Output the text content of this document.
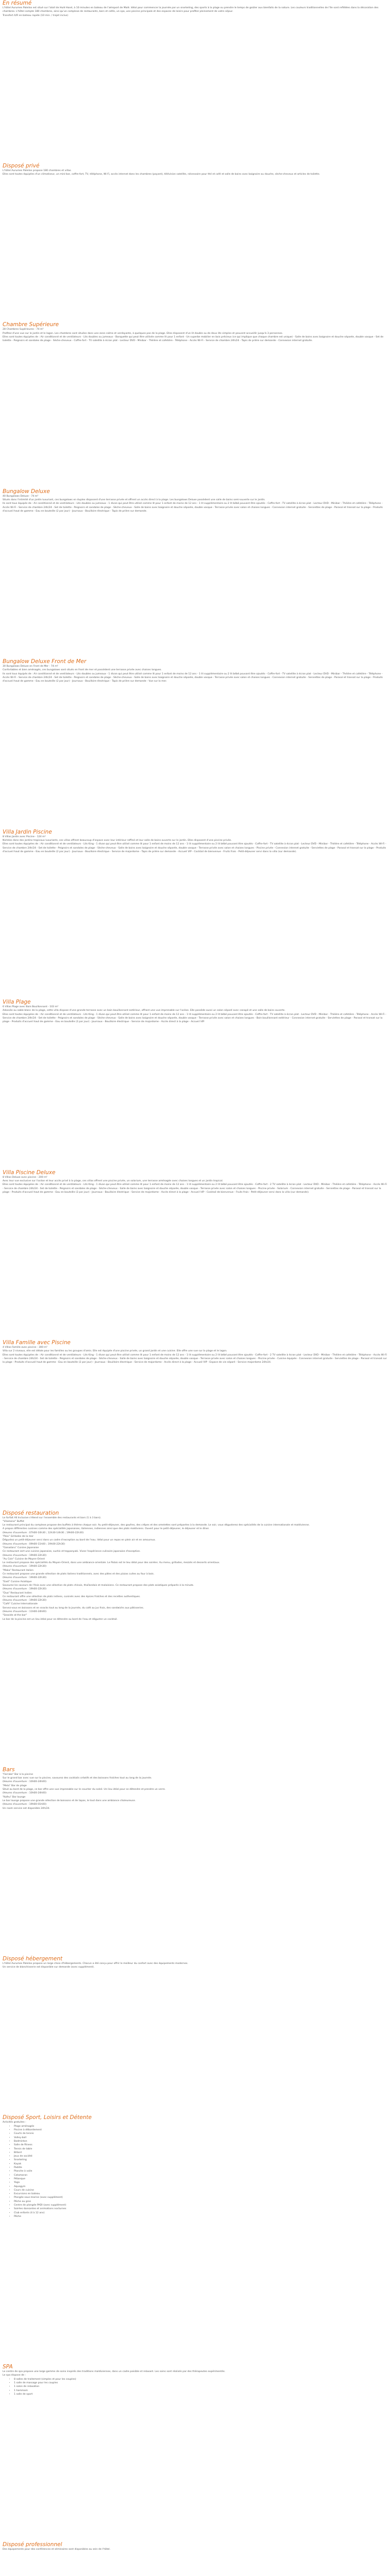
En résumé

L'hôtel Aurumes Paleilos est situé sur l'atoll de Hulé Hané, à 10 minutes en bateau de l'aéroport de Malé. Idéal pour commencer la journée par un snorkeling, des sports à la plage ou prendre le temps de goûter aux bienfaits de la nature. Les couleurs traditionnelles de l'île sont reflétées dans la décoration des chambres. L'hôtel compte 180 chambres, ainsi qu'un complexe de restaurants, bars et cafés, un spa, une piscine principale et des espaces de loisirs pour profiter pleinement de votre séjour.

Transfert A/R en bateau rapide (10 min. / trajet inclus)

Disposé privé

L'hôtel Aurumes Paleilos propose 180 chambres et villas.

Elles sont toutes équipées d'un climatiseur, un mini-bar, coffre-fort, TV, téléphone, Wi-Fi, accès internet dans les chambres (payant), télévision satellite, nécessaire pour thé et café et salle de bains avec baignoire ou douche, sèche-cheveux et articles de toilette.

Chambre Supérieure

28 Chambres Supérieures - 74 m²

Profitez d'une vue sur le jardin et le lagon. Les chambres sont situées dans une zone calme et verdoyante, à quelques pas de la plage. Elles disposent d'un lit double ou de deux lits simples et peuvent accueillir jusqu'à 3 personnes.

Elles sont toutes équipées de : Air conditionné et de ventilateurs - Lits doubles ou jumeaux - Banquette qui peut être utilisée comme lit pour 1 enfant - Un superbe mobilier en bois précieux (ce qui implique que chaque chambre est unique) - Salle de bains avec baignoire et douche séparée, double vasque - Set de toilette - Peignoirs et sandales de plage - Sèche-cheveux - Coffre-fort - TV satellite à écran plat - Lecteur DVD - Minibar - Théière et cafetière - Téléphone - Accès Wi-Fi - Service de chambre 24h/24 - Tapis de prière sur demande - Connexion internet gratuite.

Bungalow Deluxe

40 Bungalows Deluxe - 74 m²

Situés dans l'intimité d'un jardin luxuriant, ces bungalows en duplex disposent d'une terrasse privée et offrent un accès direct à la plage. Les bungalows Deluxe possèdent une salle de bains semi-ouverte sur le jardin.

Ils sont tous équipés de : Air conditionné et de ventilateurs - Lits doubles ou jumeaux - 1 divan qui peut être utilisé comme lit pour 1 enfant de moins de 12 ans - 1 lit supplémentaire ou 2 lit bébé pouvant être ajoutés - Coffre-fort - TV satellite à écran plat - Lecteur DVD - Minibar - Théière et cafetière - Téléphone - Accès Wi-Fi - Service de chambre 24h/24 - Set de toilette - Peignoirs et sandales de plage - Sèche-cheveux - Salle de bains avec baignoire et douche séparée, double vasque - Terrasse privée avec salon et chaises longues - Connexion internet gratuite - Serviettes de plage - Parasol et transat sur la plage - Produits d'accueil haut de gamme - Eau en bouteille (2 par jour) - Journaux - Bouilloire électrique - Tapis de prière sur demande.

Bungalow Deluxe Front de Mer

30 Bungalows Deluxe en Front de Mer - 74 m²

Confortables et bien aménagés, ces bungalows sont situés en front de mer et possèdent une terrasse privée avec chaises longues.

Ils sont tous équipés de : Air conditionné et de ventilateurs - Lits doubles ou jumeaux - 1 divan qui peut être utilisé comme lit pour 1 enfant de moins de 12 ans - 1 lit supplémentaire ou 2 lit bébé pouvant être ajoutés - Coffre-fort - TV satellite à écran plat - Lecteur DVD - Minibar - Théière et cafetière - Téléphone - Accès Wi-Fi - Service de chambre 24h/24 - Set de toilette - Peignoirs et sandales de plage - Sèche-cheveux - Salle de bains avec baignoire et douche séparée, double vasque - Terrasse privée avec salon et chaises longues - Connexion internet gratuite - Serviettes de plage - Parasol et transat sur la plage - Produits d'accueil haut de gamme - Eau en bouteille (2 par jour) - Journaux - Bouilloire électrique - Tapis de prière sur demande - Vue sur la mer.

Villa Jardin Piscine

8 Villas Jardin avec Piscine - 124 m²

Nichées dans des jardins tropicaux luxuriants, ces villas offrent beaucoup d'espace avec leur intérieur raffiné et leur salle de bains ouverte sur le jardin. Elles disposent d'une piscine privée.

Elles sont toutes équipées de : Air conditionné et de ventilateurs - Lits King - 1 divan qui peut être utilisé comme lit pour 1 enfant de moins de 12 ans - 1 lit supplémentaire ou 2 lit bébé pouvant être ajoutés - Coffre-fort - TV satellite à écran plat - Lecteur DVD - Minibar - Théière et cafetière - Téléphone - Accès Wi-Fi - Service de chambre 24h/24 - Set de toilette - Peignoirs et sandales de plage - Sèche-cheveux - Salle de bains avec baignoire et douche séparée, double vasque - Terrasse privée avec salon et chaises longues - Piscine privée - Connexion internet gratuite - Serviettes de plage - Parasol et transat sur la plage - Produits d'accueil haut de gamme - Eau en bouteille (2 par jour) - Journaux - Bouilloire électrique - Service de majordome - Tapis de prière sur demande - Accueil VIP - Cocktail de bienvenue - Fruits frais - Petit-déjeuner servi dans la villa (sur demande).

Villa Plage

6 Villas Plage avec Bain Bouillonnant - 103 m²

Adossée au sable blanc de la plage, cette villa dispose d'une grande terrasse avec un bain bouillonnant extérieur, offrant une vue imprenable sur l'océan. Elle possède aussi un salon séparé avec canapé et une salle de bains ouverte.

Elles sont toutes équipées de : Air conditionné et de ventilateurs - Lits King - 1 divan qui peut être utilisé comme lit pour 1 enfant de moins de 12 ans - 1 lit supplémentaire ou 2 lit bébé pouvant être ajoutés - Coffre-fort - TV satellite à écran plat - Lecteur DVD - Minibar - Théière et cafetière - Téléphone - Accès Wi-Fi - Service de chambre 24h/24 - Set de toilette - Peignoirs et sandales de plage - Sèche-cheveux - Salle de bains avec baignoire et douche séparée, double vasque - Terrasse privée avec salon et chaises longues - Bain bouillonnant extérieur - Connexion internet gratuite - Serviettes de plage - Parasol et transat sur la plage - Produits d'accueil haut de gamme - Eau en bouteille (2 par jour) - Journaux - Bouilloire électrique - Service de majordome - Accès direct à la plage - Accueil VIP.

Villa Piscine Deluxe

8 Villas Deluxe avec piscine - 200 m²

Avec leur vue exclusive sur l'océan et leur accès privé à la plage, ces villas offrent une piscine privée, un solarium, une terrasse aménagée avec chaises longues et un jardin tropical.

Elles sont toutes équipées de : Air conditionné et de ventilateurs - Lits King - 1 divan qui peut être utilisé comme lit pour 1 enfant de moins de 12 ans - 1 lit supplémentaire ou 2 lit bébé pouvant être ajoutés - Coffre-fort - 2 TV satellite à écran plat - Lecteur DVD - Minibar - Théière et cafetière - Téléphone - Accès Wi-Fi - Service de chambre 24h/24 - Set de toilette - Peignoirs et sandales de plage - Sèche-cheveux - Salle de bains avec baignoire et douche séparée, double vasque - Terrasse privée avec salon et chaises longues - Piscine privée - Solarium - Connexion internet gratuite - Serviettes de plage - Parasol et transat sur la plage - Produits d'accueil haut de gamme - Eau en bouteille (2 par jour) - Journaux - Bouilloire électrique - Service de majordome - Accès direct à la plage - Accueil VIP - Cocktail de bienvenue - Fruits frais - Petit-déjeuner servi dans la villa (sur demande).

Villa Famille avec Piscine

4 Villas Famille avec piscine - 300 m²

Villa sur 2 niveaux, elle est idéale pour les familles ou les groupes d'amis. Elle est équipée d'une piscine privée, un grand jardin et une cuisine. Elle offre une vue sur la plage et le lagon.

Elles sont toutes équipées de : Air conditionné et de ventilateurs - Lits King - 1 divan qui peut être utilisé comme lit pour 1 enfant de moins de 12 ans - 1 lit supplémentaire ou 2 lit bébé pouvant être ajoutés - Coffre-fort - 2 TV satellite à écran plat - Lecteur DVD - Minibar - Théière et cafetière - Téléphone - Accès Wi-Fi - Service de chambre 24h/24 - Set de toilette - Peignoirs et sandales de plage - Sèche-cheveux - Salle de bains avec baignoire et douche séparée, double vasque - Terrasse privée avec salon et chaises longues - Piscine privée - Cuisine équipée - Connexion internet gratuite - Serviettes de plage - Parasol et transat sur la plage - Produits d'accueil haut de gamme - Eau en bouteille (2 par jour) - Journaux - Bouilloire électrique - Service de majordome - Accès direct à la plage - Accueil VIP - Espace de vie séparé - Service majordome 24h/24.

Disposé restauration

Le forfait All Inclusive s'étend sur l'ensemble des restaurants et bars (1 à 3 bars).

"Vilamene" Buffet

Le restaurant principal du complexe propose des buffets à thème chaque soir. Au petit-déjeuner, des gaufres, des crêpes et des omelettes sont préparées à la demande. Le soir, vous dégusterez des spécialités de la cuisine internationale et maldivienne.

A propos différentes cuisines comme des spécialités japonaises, italiennes, indiennes ainsi que des plats maldiviens. Ouvert pour le petit-déjeuner, le déjeuner et le dîner.

(Heures d'ouverture : 07h00-10h30 ; 12h30-14h30 ; 19h00-22h30)

"Palu" Grillades de la mer

Dégustez un petit-déjeuner servi dans un cadre d'exception au bord de l'eau. Idéal pour un repas en plein air et en amoureux.

(Heures d'ouverture : 09h00-11h00 ; 19h00-22h30)

"Ganadaru" Cuisine Japonaise

Ce restaurant sert une cuisine japonaise, sushis et teppanyaki. Vivez l'expérience culinaire japonaise d'exception.

(Heures d'ouverture : 19h00-22h30)

"Au Coin" Cuisine de Moyen-Orient

Le restaurant propose des spécialités du Moyen-Orient, dans une ambiance orientale. Le Palais est le lieu idéal pour des soirées. Au menu, grillades, mezzés et desserts orientaux.

(Heures d'ouverture : 19h00-22h30)

"Maka" Restaurant italien

Ce restaurant propose une grande sélection de plats italiens traditionnels, avec des pâtes et des pizzas cuites au four à bois.

(Heures d'ouverture : 19h00-22h30)

"East" Cuisine Asiatique

Savourez les saveurs de l'Asie avec une sélection de plats chinois, thaïlandais et malaisiens. Ce restaurant propose des plats asiatiques préparés à la minute.

(Heures d'ouverture : 19h00-22h30)

"Dua" Restaurant Indien

Ce restaurant offre une sélection de plats indiens, cuisinés avec des épices fraîches et des recettes authentiques.

(Heures d'ouverture : 19h00-22h30)

"Café" Cuisine Internationale

Servez-vous en boissons et en snacks tout au long de la journée, du café au jus frais, des sandwichs aux pâtisseries.

(Heures d'ouverture : 11h00-24h00)

"Seaside at the bar"

Le bar de la piscine est un lieu idéal pour se détendre au bord de l'eau et déguster un cocktail.

Bars

"Farrake" Bar à la piscine

Sur le grand bar avec vue sur la piscine, savourez des cocktails créatifs et des boissons fraîches tout au long de la journée.

(Heures d'ouverture : 10h00-24h00)

"Mela" Bar de plage

Situé au bord de la plage, ce bar offre une vue imprenable sur le coucher du soleil. Un lieu idéal pour se détendre et prendre un verre.

(Heures d'ouverture : 10h00-24h00)

"Kolhu" Bar lounge

Le bar lounge propose une grande sélection de boissons et de tapas, le tout dans une ambiance chaleureuse.

(Heures d'ouverture : 19h00-01h00)

Un room service est disponible 24h/24.

Disposé hébergement

L'hôtel Aurumes Paleilos propose un large choix d'hébergements. Chacun a été conçu pour offrir le meilleur du confort avec des équipements modernes.

Un service de blanchisserie est disponible sur demande (avec supplément).

Disposé Sport, Loisirs et Détente

Activités gratuites :

• Plage aménagée
• Piscine à débordement
• Courts de tennis
• Volley-ball
• Badminton
• Salle de fitness
• Tennis de table
• Billard
• Jeux de société
• Snorkeling
• Kayak
• Paddle
• Planche à voile
• Catamaran
• Pétanque
• Yoga
• Aquagym
• Cours de cuisine
• Excursions en bateau
• Plongée sous-marine (avec supplément)
• Pêche au gros
• Centre de plongée PADI (avec supplément)
• Soirées dansantes et animations nocturnes
• Club enfants (4 à 12 ans)
• Pêche
SPA

Le centre de spa propose une large gamme de soins inspirés des traditions maldiviennes, dans un cadre paisible et relaxant. Les soins sont réalisés par des thérapeutes expérimentés.

Le spa dispose de :

• 8 salles de traitement (simples et pour les couples)
• 1 salle de massage pour les couples
• 1 salon de relaxation
• 1 hammam
• 1 salle de sport
Disposé professionnel

Des équipements pour des conférences et séminaires sont disponibles au sein de l'hôtel.
